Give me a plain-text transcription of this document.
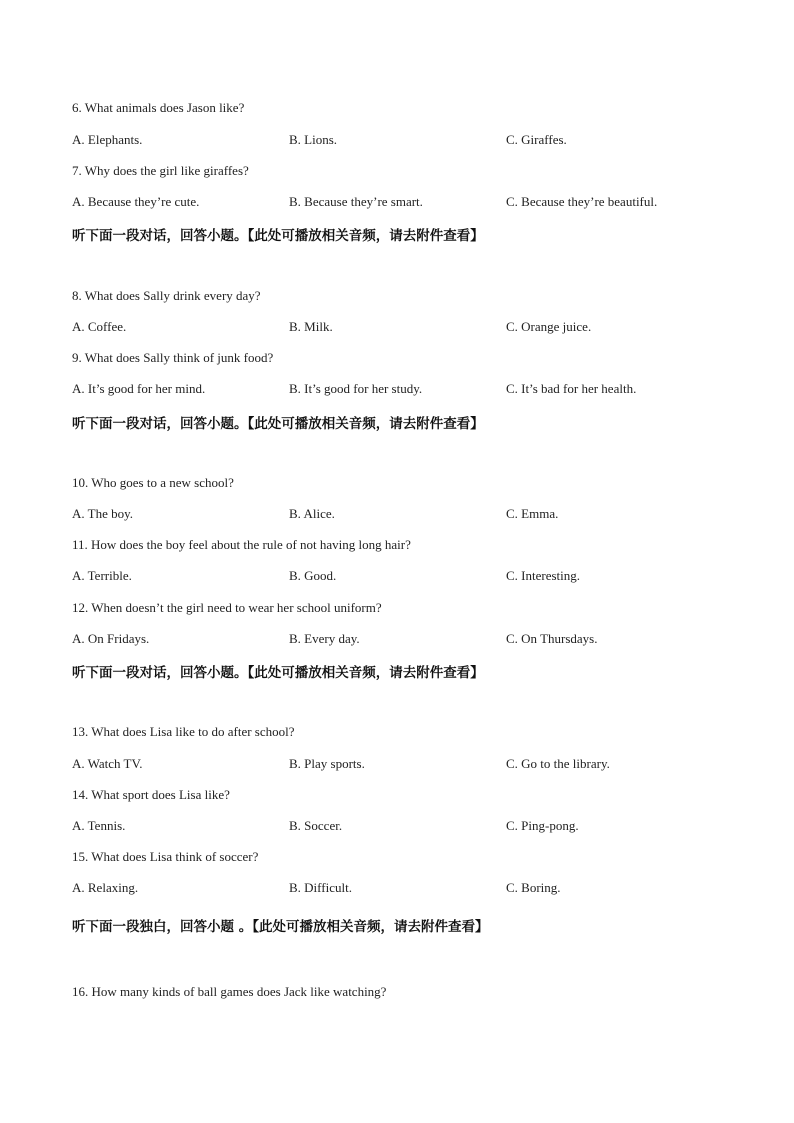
6. What animals does Jason like?
A. Elephants.	B. Lions.	C. Giraffes.
7. Why does the girl like giraffes?
A. Because they’re cute.	B. Because they’re smart.	C. Because they’re beautiful.
听下面一段对话，回答小题。【此处可播放相关音频，请去附件查看】
8. What does Sally drink every day?
A. Coffee.	B. Milk.	C. Orange juice.
9. What does Sally think of junk food?
A. It’s good for her mind.	B. It’s good for her study.	C. It’s bad for her health.
听下面一段对话，回答小题。【此处可播放相关音频，请去附件查看】
10. Who goes to a new school?
A. The boy.	B. Alice.	C. Emma.
11. How does the boy feel about the rule of not having long hair?
A. Terrible.	B. Good.	C. Interesting.
12. When doesn’t the girl need to wear her school uniform?
A. On Fridays.	B. Every day.	C. On Thursdays.
听下面一段对话，回答小题。【此处可播放相关音频，请去附件查看】
13. What does Lisa like to do after school?
A. Watch TV.	B. Play sports.	C. Go to the library.
14. What sport does Lisa like?
A. Tennis.	B. Soccer.	C. Ping-pong.
15. What does Lisa think of soccer?
A. Relaxing.	B. Difficult.	C. Boring.
听下面一段独白，回答小题 。【此处可播放相关音频，请去附件查看】
16. How many kinds of ball games does Jack like watching?
